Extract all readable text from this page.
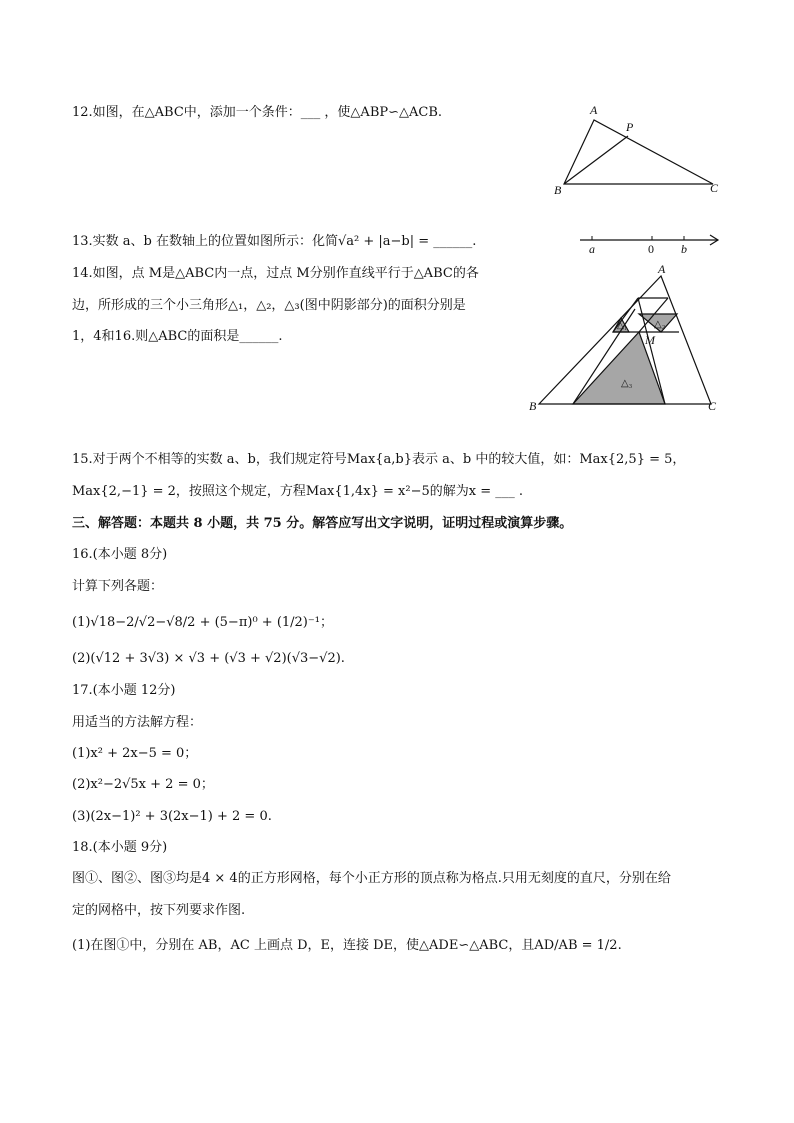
12.如图，在△ABC中，添加一个条件：___ ，使△ABP∽△ACB.	A
P
B	C
13.实数 a、b 在数轴上的位置如图所示：化简√a² + |a−b| = ______.	a	0 b
14.如图，点 M是△ABC内一点，过点 M分别作直线平行于△ABC的各
边，所形成的三个小三角形△₁，△₂，△₃(图中阴影部分)的面积分别是
1，4和16.则△ABC的面积是______.
A
B	C
M
△₁	△₂
△₃
15.对于两个不相等的实数 a、b，我们规定符号Max{a,b}表示 a、b 中的较大值，如：Max{2,5} = 5，
Max{2,−1} = 2，按照这个规定，方程Max{1,4x} = x²−5的解为x = ___ .
三、解答题：本题共 8 小题，共 75 分。解答应写出文字说明，证明过程或演算步骤。
16.(本小题 8分)
计算下列各题：
(1)√18−2/√2−√8/2 + (5−π)⁰ + (1/2)⁻¹；
(2)(√12 + 3√3) × √3 + (√3 + √2)(√3−√2).
17.(本小题 12分)
用适当的方法解方程：
(1)x² + 2x−5 = 0；
(2)x²−2√5x + 2 = 0；
(3)(2x−1)² + 3(2x−1) + 2 = 0.
18.(本小题 9分)
图①、图②、图③均是4 × 4的正方形网格，每个小正方形的顶点称为格点.只用无刻度的直尺，分别在给
定的网格中，按下列要求作图.
(1)在图①中，分别在 AB，AC 上画点 D，E，连接 DE，使△ADE∽△ABC，且AD/AB = 1/2.
